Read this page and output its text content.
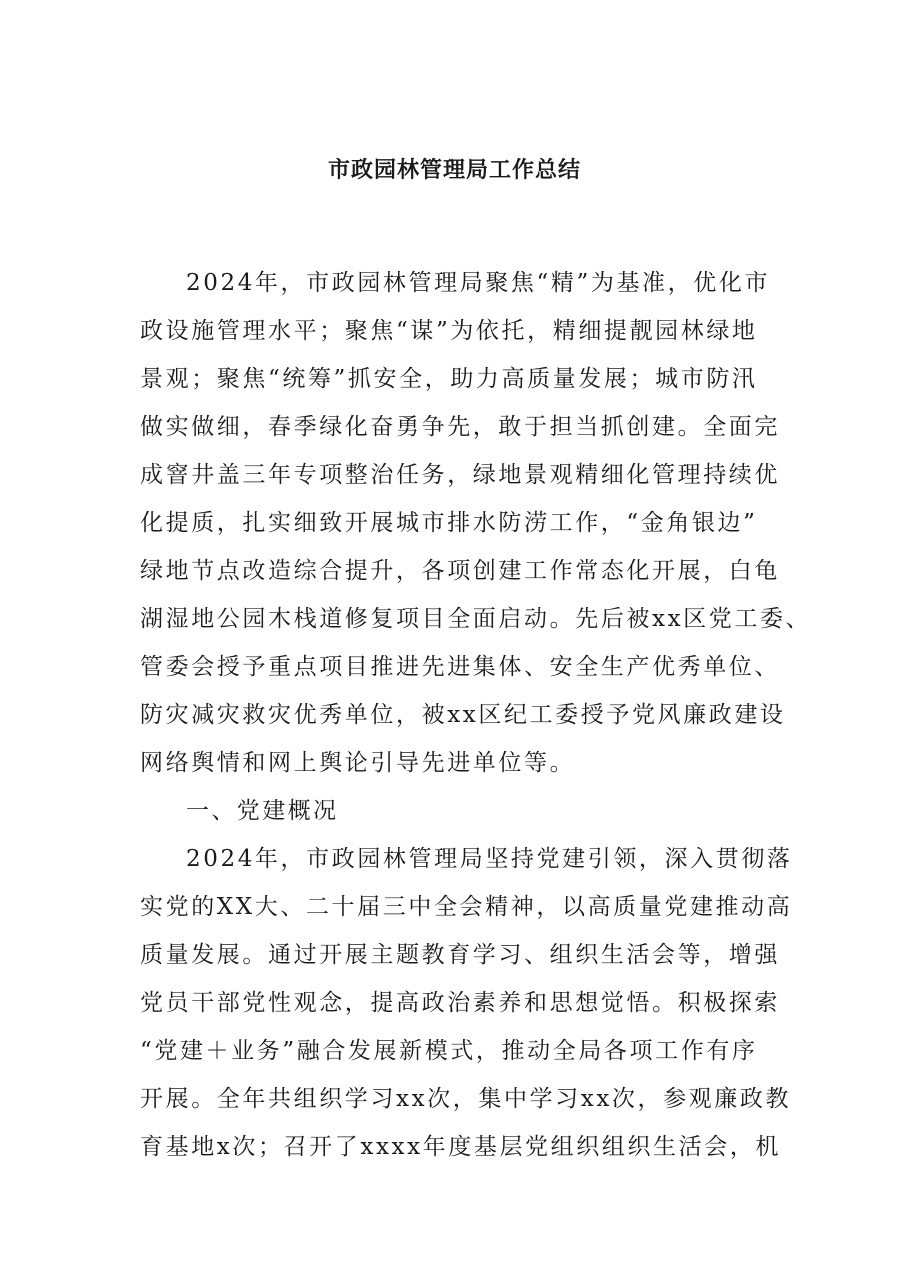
市政园林管理局工作总结
2024年，市政园林管理局聚焦“精”为基准，优化市
政设施管理水平；聚焦“谋”为依托，精细提靓园林绿地
景观；聚焦“统筹”抓安全，助力高质量发展；城市防汛
做实做细，春季绿化奋勇争先，敢于担当抓创建。全面完
成窨井盖三年专项整治任务，绿地景观精细化管理持续优
化提质，扎实细致开展城市排水防涝工作，“金角银边”
绿地节点改造综合提升，各项创建工作常态化开展，白龟
湖湿地公园木栈道修复项目全面启动。先后被xx区党工委、
管委会授予重点项目推进先进集体、安全生产优秀单位、
防灾减灾救灾优秀单位，被xx区纪工委授予党风廉政建设
网络舆情和网上舆论引导先进单位等。
一、党建概况
2024年，市政园林管理局坚持党建引领，深入贯彻落
实党的XX大、二十届三中全会精神，以高质量党建推动高
质量发展。通过开展主题教育学习、组织生活会等，增强
党员干部党性观念，提高政治素养和思想觉悟。积极探索
“党建＋业务”融合发展新模式，推动全局各项工作有序
开展。全年共组织学习xx次，集中学习xx次，参观廉政教
育基地x次；召开了xxxx年度基层党组织组织生活会，机
